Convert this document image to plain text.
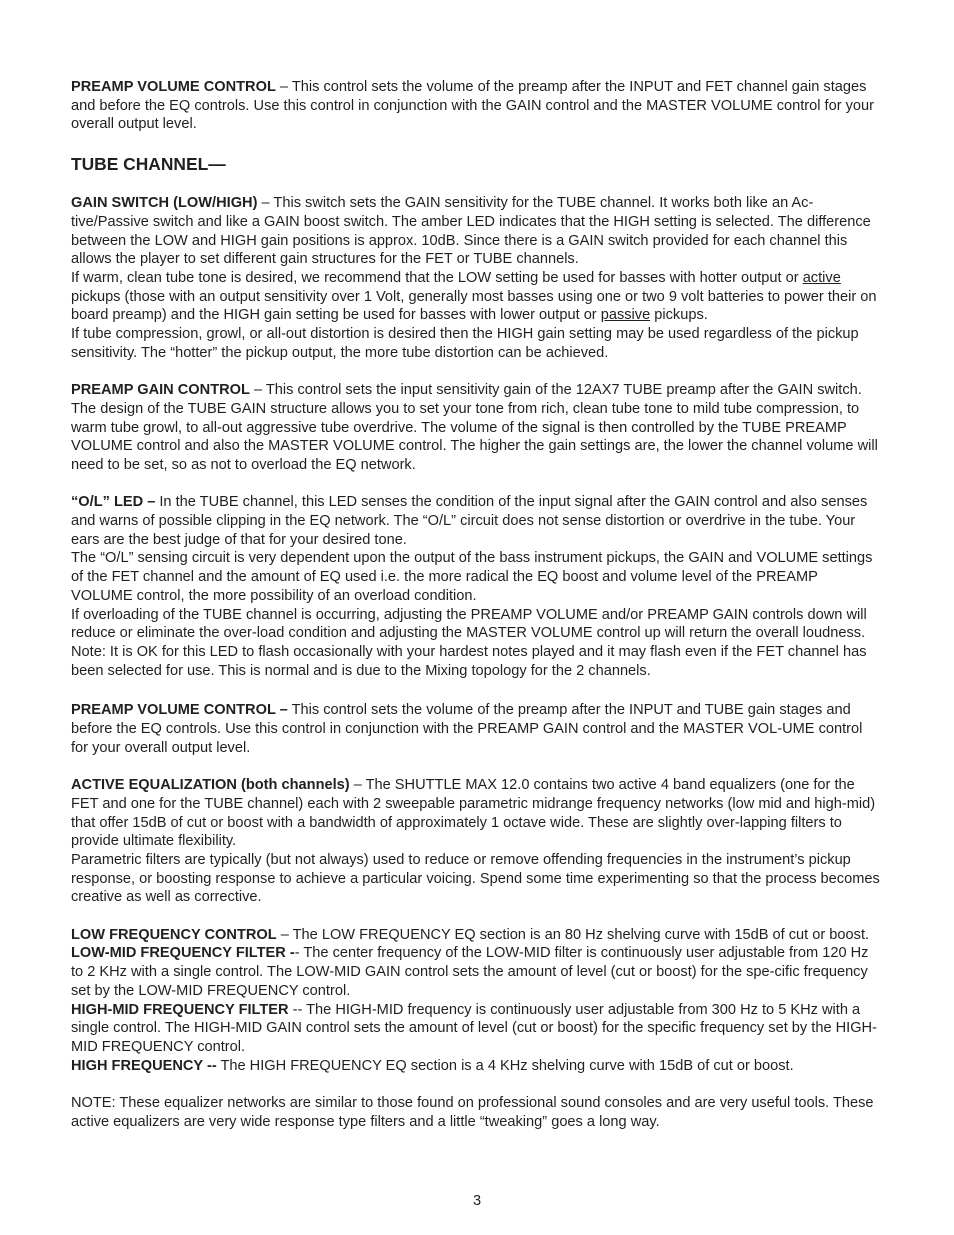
PREAMP VOLUME CONTROL – This control sets the volume of the preamp after the INPUT and FET channel gain stages and before the EQ controls. Use this control in conjunction with the GAIN control and the MASTER VOLUME control for your overall output level.

TUBE CHANNEL—

GAIN SWITCH (LOW/HIGH) – This switch sets the GAIN sensitivity for the TUBE channel. It works both like an Ac-tive/Passive switch and like a GAIN boost switch. The amber LED indicates that the HIGH setting is selected. The difference between the LOW and HIGH gain positions is approx. 10dB. Since there is a GAIN switch provided for each channel this allows the player to set different gain structures for the FET or TUBE channels.

If warm, clean tube tone is desired, we recommend that the LOW setting be used for basses with hotter output or active pickups (those with an output sensitivity over 1 Volt, generally most basses using one or two 9 volt batteries to power their on board preamp) and the HIGH gain setting be used for basses with lower output or passive pickups.

If tube compression, growl, or all-out distortion is desired then the HIGH gain setting may be used regardless of the pickup sensitivity. The “hotter” the pickup output, the more tube distortion can be achieved.

PREAMP GAIN CONTROL – This control sets the input sensitivity gain of the 12AX7 TUBE preamp after the GAIN switch. The design of the TUBE GAIN structure allows you to set your tone from rich, clean tube tone to mild tube compression, to warm tube growl, to all-out aggressive tube overdrive. The volume of the signal is then controlled by the TUBE PREAMP VOLUME control and also the MASTER VOLUME control. The higher the gain settings are, the lower the channel volume will need to be set, so as not to overload the EQ network.

“O/L” LED – In the TUBE channel, this LED senses the condition of the input signal after the GAIN control and also senses and warns of possible clipping in the EQ network. The “O/L” circuit does not sense distortion or overdrive in the tube. Your ears are the best judge of that for your desired tone.

The “O/L” sensing circuit is very dependent upon the output of the bass instrument pickups, the GAIN and VOLUME settings of the FET channel and the amount of EQ used i.e. the more radical the EQ boost and volume level of the PREAMP VOLUME control, the more possibility of an overload condition.

If overloading of the TUBE channel is occurring, adjusting the PREAMP VOLUME and/or PREAMP GAIN controls down will reduce or eliminate the over-load condition and adjusting the MASTER VOLUME control up will return the overall loudness.

Note: It is OK for this LED to flash occasionally with your hardest notes played and it may flash even if the FET channel has been selected for use. This is normal and is due to the Mixing topology for the 2 channels.

PREAMP VOLUME CONTROL – This control sets the volume of the preamp after the INPUT and TUBE gain stages and before the EQ controls. Use this control in conjunction with the PREAMP GAIN control and the MASTER VOL-UME control for your overall output level.

ACTIVE EQUALIZATION (both channels) – The SHUTTLE MAX 12.0 contains two active 4 band equalizers (one for the FET and one for the TUBE channel) each with 2 sweepable parametric midrange frequency networks (low mid and high-mid) that offer 15dB of cut or boost with a bandwidth of approximately 1 octave wide. These are slightly over-lapping filters to provide ultimate flexibility.

Parametric filters are typically (but not always) used to reduce or remove offending frequencies in the instrument’s pickup response, or boosting response to achieve a particular voicing. Spend some time experimenting so that the process becomes creative as well as corrective.

LOW FREQUENCY CONTROL – The LOW FREQUENCY EQ section is an 80 Hz shelving curve with 15dB of cut or boost.

LOW-MID FREQUENCY FILTER -- The center frequency of the LOW-MID filter is continuously user adjustable from 120 Hz to 2 KHz with a single control. The LOW-MID GAIN control sets the amount of level (cut or boost) for the spe-cific frequency set by the LOW-MID FREQUENCY control.

HIGH-MID FREQUENCY FILTER -- The HIGH-MID frequency is continuously user adjustable from 300 Hz to 5 KHz with a single control. The HIGH-MID GAIN control sets the amount of level (cut or boost) for the specific frequency set by the HIGH-MID FREQUENCY control.

HIGH FREQUENCY -- The HIGH FREQUENCY EQ section is a 4 KHz shelving curve with 15dB of cut or boost.

NOTE: These equalizer networks are similar to those found on professional sound consoles and are very useful tools. These active equalizers are very wide response type filters and a little “tweaking” goes a long way.

3
